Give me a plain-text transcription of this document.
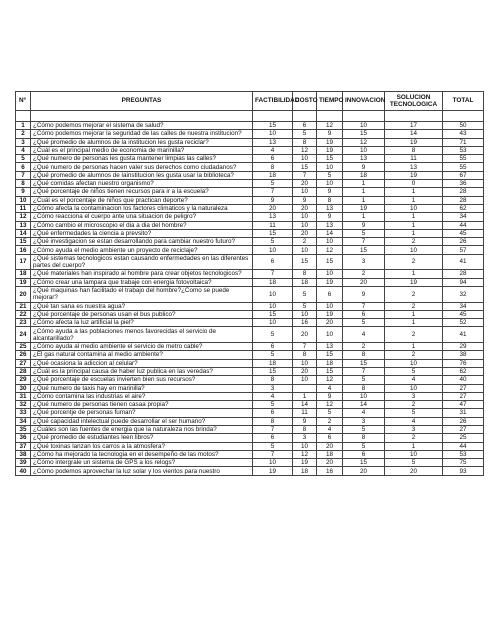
Nº	PREGUNTAS	FACTIBILIDAD	COSTO	TIEMPO	INNOVACION	SOLUCION TECNOLOGICA	TOTAL

1	¿Cómo podemos mejorar el sistema de salud?	15	6	12	10	17	50
2	¿Cómo podemos mejorar la seguridad de las calles de nuestra institucion?	10	5	9	15	14	43
3	¿Qué promedio de alumnos de la institucion les gusta reciclar?	13	8	19	12	19	71
4	¿Cuál es el principal medio de economia de marinilla?	4	12	19	10	8	53
5	¿Qué numero de personas les gusta mantener limpias las calles?	6	10	15	13	11	55
6	¿Qué numero de personas hacen valer sus derechos como ciudadanos?	8	15	10	9	13	55
7	¿Qué promedio de alumnos de lainstitucion les gusta usar la biblioteca?	18	7	5	18	19	67
8	¿Qué comidas afectan nuestro organismo?	5	20	10	1	0	36
9	¿Qué porcentaje de niños tienen recursos para ir a la escuela?	7	10	9	1	1	28
10	¿Cuál es el porcentaje de niños que practican deporte?	9	9	8	1	1	28
11	¿Cómo afecta la contaminacion los factores climaticos y la naturaleza	20	20	13	19	10	62
12	¿Cómo reacciona el cuerpo ante una situacion de peligro?	13	10	9	1	1	34
13	¿Cómo cambio el microscopio el dia a dia del hombre?	11	10	13	9	1	44
14	¿Qué enfermedades la ciencia a prevsito?	15	20	14	5	1	45
15	¿Qué investigacion se estan desarrollando para cambiar nuestro futuro?	5	2	10	7	2	26
16	¿Cómo ayuda el medio ambiente un proyecto de reciclaje?	10	10	12	15	10	57
17	¿Qué sistemas tecnologicos estan causando enfermedades en las diferentes partes del cuerpo?	6	15	15	3	2	41
18	¿Qué materiales han inspirado al hombre para crear objetos tecnologicos?	7	8	10	2	1	28
19	¿Cómo crear una lampara que trabaje con energia fotovoltaica?	18	18	19	20	19	94
20	¿Qué maquinas han facilitado el trabajo del hombre?¿Como se puede mejorar?	10	5	6	9	2	32
21	¿Qué tan sana es nuestra agua?	10	5	10	7	2	34
22	¿Qué porcentaje de personas usan el bus publico?	15	10	19	6	1	45
23	¿Cómo afecta la luz artificial la piel?	10	16	20	5	1	52
24	¿Cómo ayuda a las poblaciones menos favorecidas el servicio de alcantarillado?	5	20	10	4	2	41
25	¿Cómo ayuda al medio ambiente el servicio de metro cable?	6	7	13	2	1	29
26	¿El gas natural contamina al medio ambiente?	5	8	15	8	2	38
27	¿Qué ocasiona la adiccion al celular?	18	10	18	15	10	76
28	¿Cuál es la principal causa de haber luz publica en las veredas?	15	20	15	7	5	62
29	¿Qué porcentaje de escuelas invierten bien sus recursos?	8	10	12	5	4	40
30	¿Qué numero de taxis hay en marinilla?	3		4	8	10	27
31	¿Cómo contamina las industrias el aire?	4	1	9	10	3	27
32	¿Qué numero de personas tienen casaa propia?	5	14	12	14	2	47
33	¿Qué porcentje de personas fuman?	6	11	5	4	5	31
34	¿Qué capacidad intelectual puede desarrollar el ser humano?	8	9	2	3	4	26
35	¿Cuáles son las fuentes de energia que la naturaleza nos brinda?	7	8	4	5	3	27
36	¿Qué promedio de estudiantes leen libros?	6	3	6	8	2	25
37	¿Qué toxinas lanzan los carros a la atmosfera?	5	10	20	5	1	44
38	¿Cómo ha mejorado la tecnologia en el desempeño de las motos?	7	12	18	6	10	53
39	¿Cómo intergrale un sistema de GPS a los relogs?	10	19	20	15	5	75
40	¿Cómo podemos aprovechar la luz solar y los vientos para nuestro	19	18	16	20	20	93
